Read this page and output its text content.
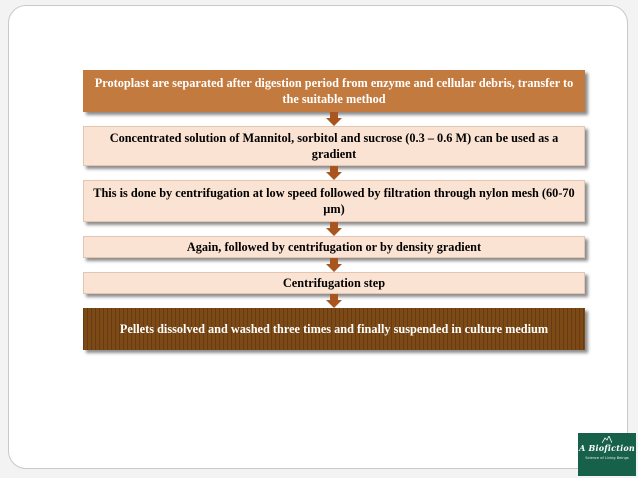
Protoplast are separated after digestion period from enzyme and cellular debris, transfer to the suitable method
Concentrated solution of Mannitol, sorbitol and sucrose (0.3 – 0.6 M) can be used as a gradient
This is done by centrifugation at low speed followed by filtration through nylon mesh (60-70 µm)
Again, followed by centrifugation or by density gradient
Centrifugation step
Pellets dissolved and washed three times and finally suspended in culture medium
A Biofiction
Science of Living Beings
